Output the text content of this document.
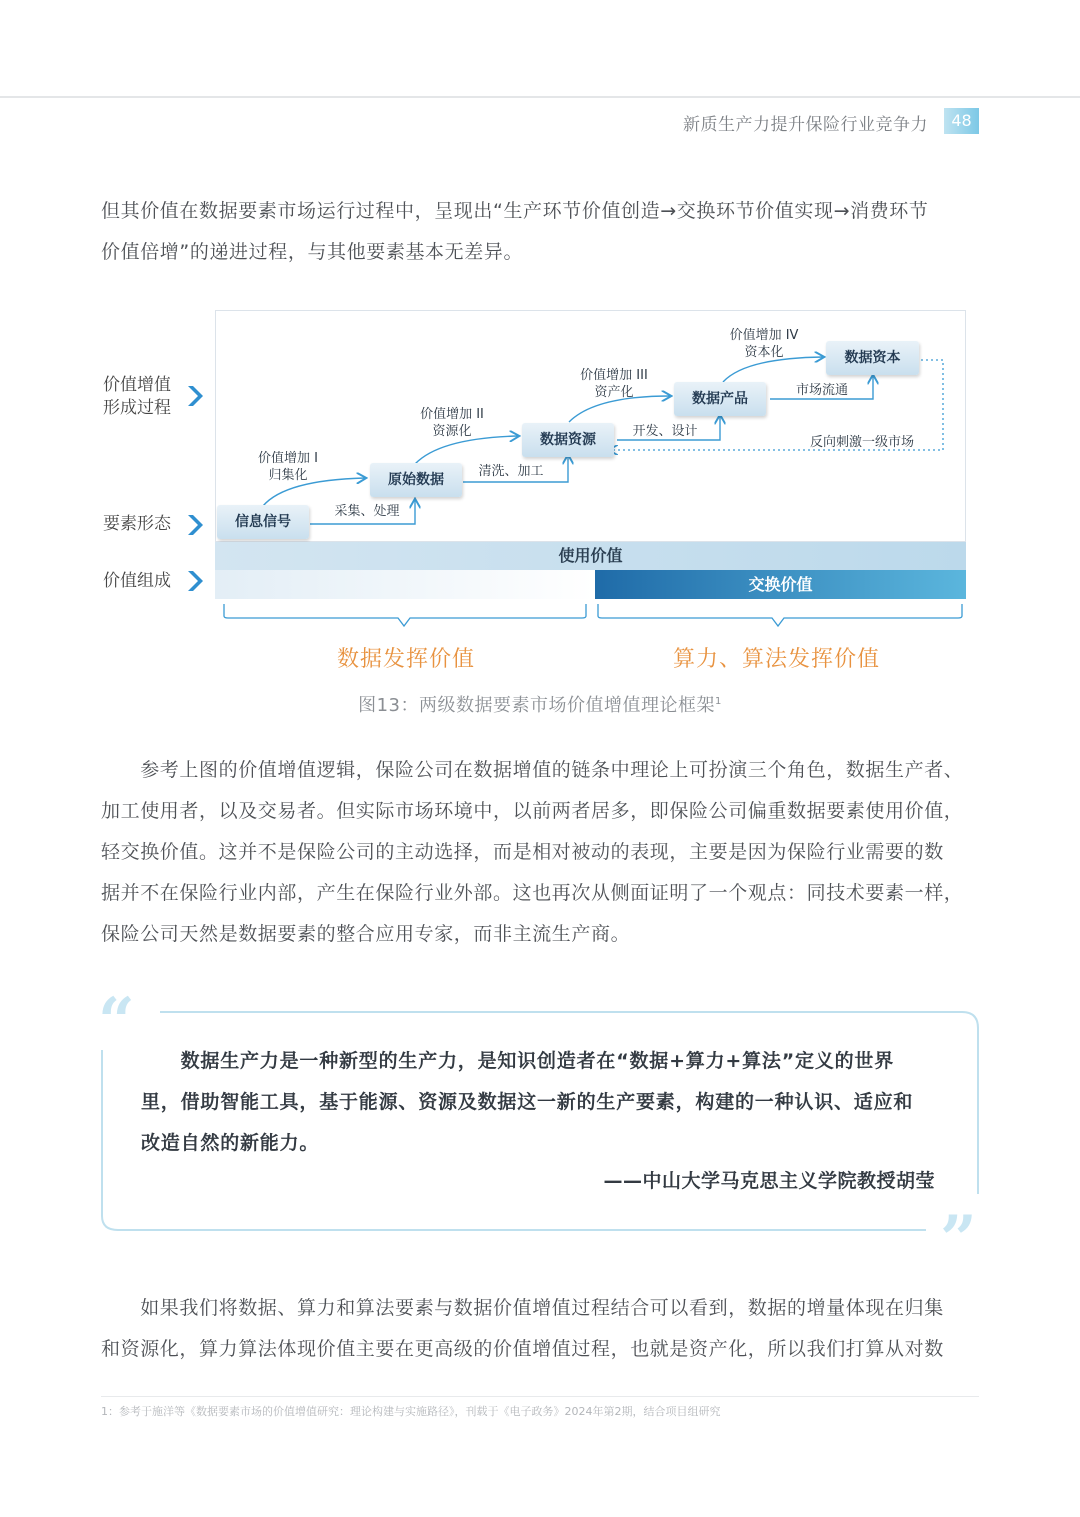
新质生产力提升保险行业竞争力	48
但其价值在数据要素市场运行过程中，呈现出“生产环节价值创造→交换环节价值实现→消费环节
价值倍增”的递进过程，与其他要素基本无差异。
价值增值
形成过程
要素形态
价值组成
信息信号
原始数据
数据资源
数据产品
数据资本
价值增加 I
归集化
价值增加 II
资源化
价值增加 III
资产化
价值增加 IV
资本化
采集、处理
清洗、加工
开发、设计
市场流通
反向刺激一级市场
使用价值
交换价值
数据发挥价值	算力、算法发挥价值
图13：两级数据要素市场价值增值理论框架$^1$
　　参考上图的价值增值逻辑，保险公司在数据增值的链条中理论上可扮演三个角色，数据生产者、
加工使用者，以及交易者。但实际市场环境中，以前两者居多，即保险公司偏重数据要素使用价值，
轻交换价值。这并不是保险公司的主动选择，而是相对被动的表现，主要是因为保险行业需要的数
据并不在保险行业内部，产生在保险行业外部。这也再次从侧面证明了一个观点：同技术要素一样，
保险公司天然是数据要素的整合应用专家，而非主流生产商。
“
　　数据生产力是一种新型的生产力，是知识创造者在“数据+算力+算法”定义的世界
里，借助智能工具，基于能源、资源及数据这一新的生产要素，构建的一种认识、适应和
改造自然的新能力。
——中山大学马克思主义学院教授胡莹
”
　　如果我们将数据、算力和算法要素与数据价值增值过程结合可以看到，数据的增量体现在归集
和资源化，算力算法体现价值主要在更高级的价值增值过程，也就是资产化，所以我们打算从对数
1：参考于施洋等《数据要素市场的价值增值研究：理论构建与实施路径》，刊载于《电子政务》2024年第2期，结合项目组研究
